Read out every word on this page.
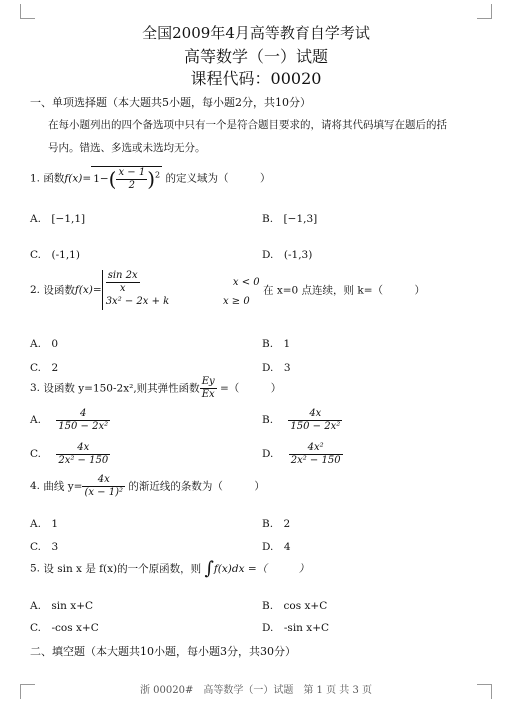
全国2009年4月高等教育自学考试
高等数学（一）试题
课程代码：00020
一、单项选择题（本大题共5小题，每小题2分，共10分）
在每小题列出的四个备选项中只有一个是符合题目要求的，请将其代码填写在题后的括
号内。错选、多选或未选均无分。
1. 函数$f(x)= 1-( \frac{x - 1}{2} )^2$ 的定义域为（　　　）
A.　[−1,1]	B.　[−1,3]
C.　(-1,1)	D.　(-1,3)
2. 设函数$f(x)= \frac{\sin 2x}{x}$	x < 0
3x² − 2x + k	x ≥ 0
在 x=0 点连续，则 k=（　　　）
A.　0	B.　1
C.　2	D.　3
3. 设函数 y=150-2x²,则其弹性函数 $\frac{Ey}{Ex}$ =（　　　）
A. $\frac{4}{\text{150 − 2x²}}$	B. $\frac{4x}{\text{150 − 2x²}}$
C. $\frac{4x}{\text{2x² − 150}}$	D. $\frac{\text{4x²}}{\text{2x² − 150}}$
4. 曲线 $y= \frac{4x}{\text{(x − 1)²}}$ 的渐近线的条数为（　　　）
A.　1	B.　2
C.　3	D.　4
5. 设 sin x 是 f(x)的一个原函数，则 ∫f(x)dx =（　　　）
A.　sin x+C	B.　cos x+C
C.　-cos x+C	D.　-sin x+C
二、填空题（本大题共10小题，每小题3分，共30分）
浙 00020#　高等数学（一）试题　第 1 页 共 3 页
